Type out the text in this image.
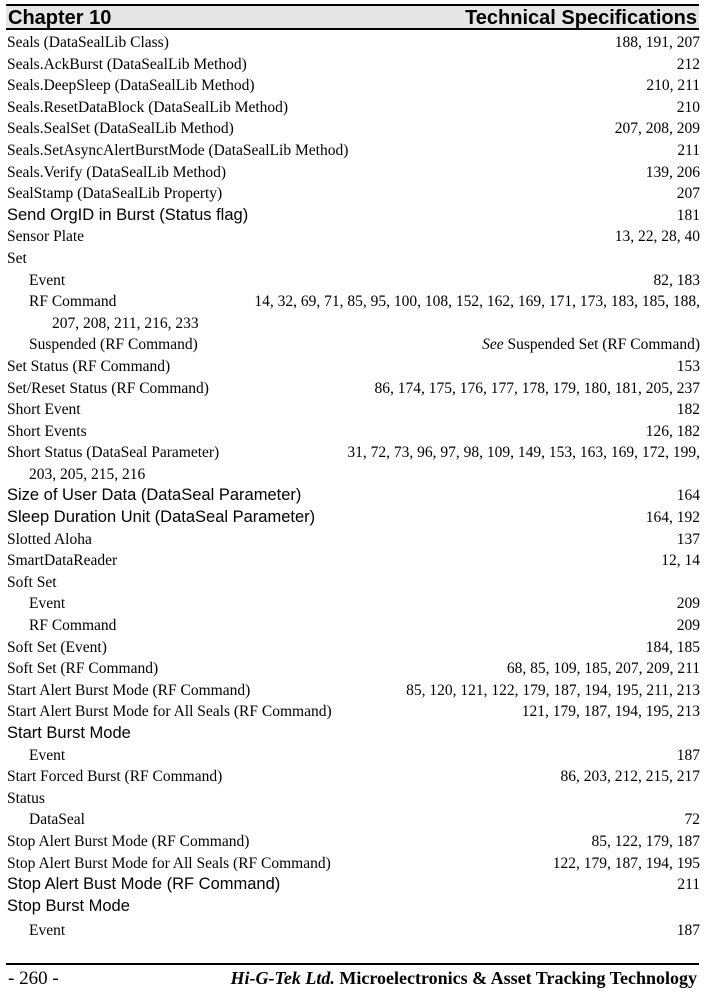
Chapter 10	Technical Specifications
Seals (DataSealLib Class)	188, 191, 207
Seals.AckBurst (DataSealLib Method)	212
Seals.DeepSleep (DataSealLib Method)	210, 211
Seals.ResetDataBlock (DataSealLib Method)	210
Seals.SealSet (DataSealLib Method)	207, 208, 209
Seals.SetAsyncAlertBurstMode (DataSealLib Method)	211
Seals.Verify (DataSealLib Method)	139, 206
SealStamp (DataSealLib Property)	207
Send OrgID in Burst (Status flag)	181
Sensor Plate	13, 22, 28, 40
Set
Event	82, 183
RF Command	14, 32, 69, 71, 85, 95, 100, 108, 152, 162, 169, 171, 173, 183, 185, 188,
207, 208, 211, 216, 233
Suspended (RF Command)	See Suspended Set (RF Command)
Set Status (RF Command)	153
Set/Reset Status (RF Command)	86, 174, 175, 176, 177, 178, 179, 180, 181, 205, 237
Short Event	182
Short Events	126, 182
Short Status (DataSeal Parameter)	31, 72, 73, 96, 97, 98, 109, 149, 153, 163, 169, 172, 199,
203, 205, 215, 216
Size of User Data (DataSeal Parameter)	164
Sleep Duration Unit (DataSeal Parameter)	164, 192
Slotted Aloha	137
SmartDataReader	12, 14
Soft Set
Event	209
RF Command	209
Soft Set (Event)	184, 185
Soft Set (RF Command)	68, 85, 109, 185, 207, 209, 211
Start Alert Burst Mode (RF Command)	85, 120, 121, 122, 179, 187, 194, 195, 211, 213
Start Alert Burst Mode for All Seals (RF Command)	121, 179, 187, 194, 195, 213
Start Burst Mode
Event	187
Start Forced Burst (RF Command)	86, 203, 212, 215, 217
Status
DataSeal	72
Stop Alert Burst Mode (RF Command)	85, 122, 179, 187
Stop Alert Burst Mode for All Seals (RF Command)	122, 179, 187, 194, 195
Stop Alert Bust Mode (RF Command)	211
Stop Burst Mode
Event	187
- 260 -	Hi-G-Tek Ltd. Microelectronics & Asset Tracking Technology
